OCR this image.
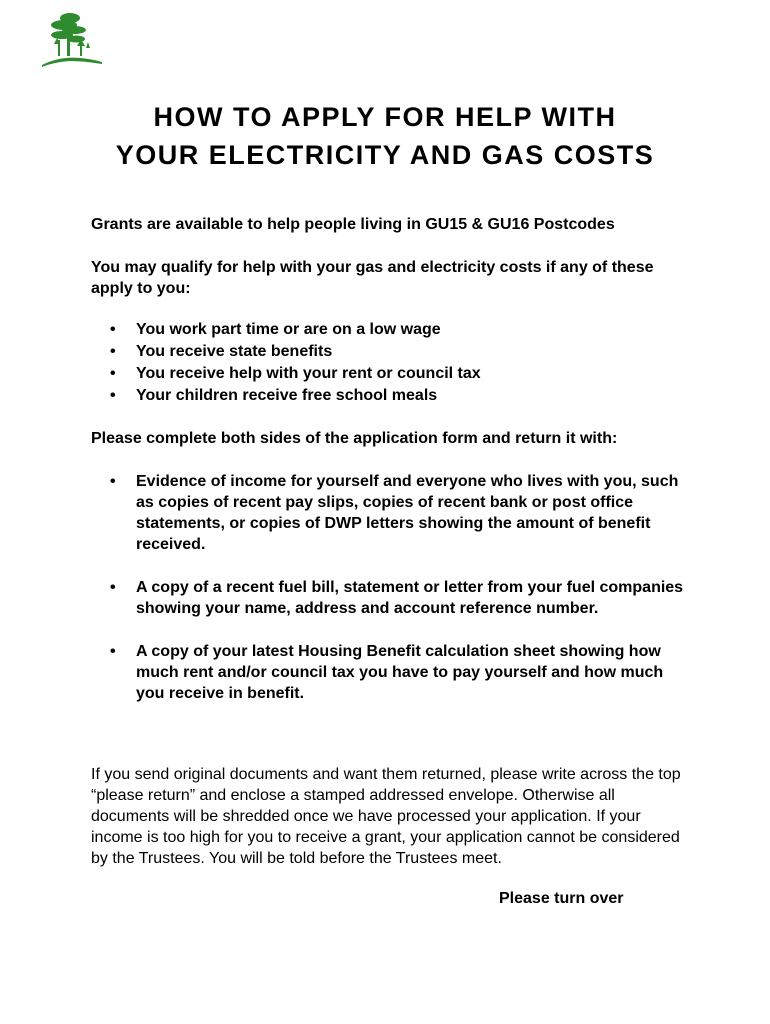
HOW TO APPLY FOR HELP WITH
YOUR ELECTRICITY AND GAS COSTS
Grants are available to help people living in GU15 & GU16 Postcodes
You may qualify for help with your gas and electricity costs if any of these apply to you:
• You work part time or are on a low wage
• You receive state benefits
• You receive help with your rent or council tax
• Your children receive free school meals
Please complete both sides of the application form and return it with:
• Evidence of income for yourself and everyone who lives with you, such as copies of recent pay slips, copies of recent bank or post office statements, or copies of DWP letters showing the amount of benefit received.
• A copy of a recent fuel bill, statement or letter from your fuel companies showing your name, address and account reference number.
• A copy of your latest Housing Benefit calculation sheet showing how much rent and/or council tax you have to pay yourself and how much you receive in benefit.
If you send original documents and want them returned, please write across the top “please return” and enclose a stamped addressed envelope. Otherwise all documents will be shredded once we have processed your application. If your income is too high for you to receive a grant, your application cannot be considered by the Trustees. You will be told before the Trustees meet.
Please turn over
